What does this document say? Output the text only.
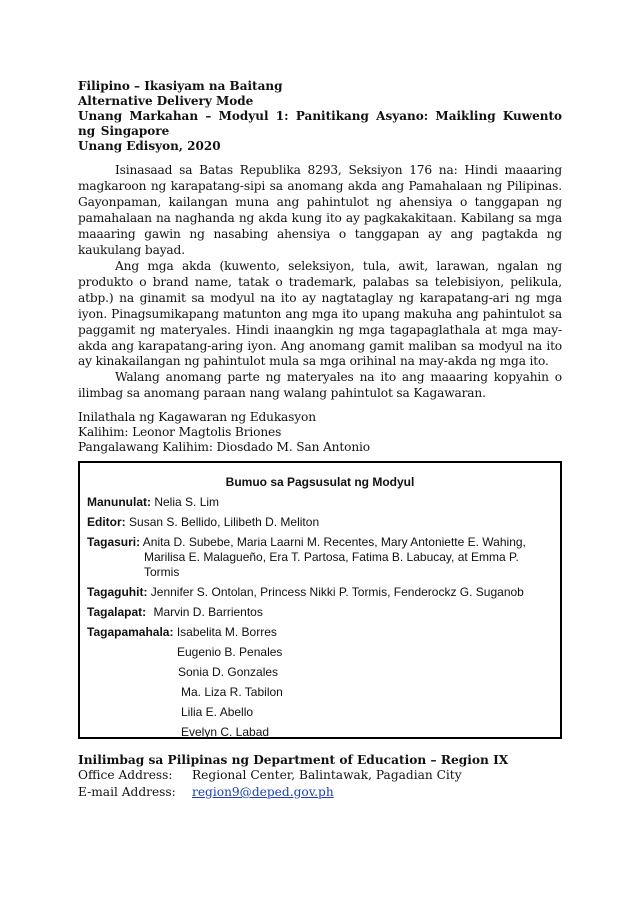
Filipino – Ikasiyam na Baitang

Alternative Delivery Mode

Unang Markahan – Modyul 1: Panitikang Asyano: Maikling Kuwento ng Singapore

Unang Edisyon, 2020

Isinasaad sa Batas Republika 8293, Seksiyon 176 na: Hindi maaaring magkaroon ng karapatang-sipi sa anomang akda ang Pamahalaan ng Pilipinas. Gayonpaman, kailangan muna ang pahintulot ng ahensiya o tanggapan ng pamahalaan na naghanda ng akda kung ito ay pagkakakitaan. Kabilang sa mga maaaring gawin ng nasabing ahensiya o tanggapan ay ang pagtakda ng kaukulang bayad.

Ang mga akda (kuwento, seleksiyon, tula, awit, larawan, ngalan ng produkto o brand name, tatak o trademark, palabas sa telebisiyon, pelikula, atbp.) na ginamit sa modyul na ito ay nagtataglay ng karapatang-ari ng mga iyon. Pinagsumikapang matunton ang mga ito upang makuha ang pahintulot sa paggamit ng materyales. Hindi inaangkin ng mga tagapaglathala at mga may-akda ang karapatang-aring iyon. Ang anomang gamit maliban sa modyul na ito ay kinakailangan ng pahintulot mula sa mga orihinal na may-akda ng mga ito.

Walang anomang parte ng materyales na ito ang maaaring kopyahin o ilimbag sa anomang paraan nang walang pahintulot sa Kagawaran.

Inilathala ng Kagawaran ng Edukasyon

Kalihim: Leonor Magtolis Briones

Pangalawang Kalihim: Diosdado M. San Antonio

Bumuo sa Pagsusulat ng Modyul
Manunulat: Nelia S. Lim
Editor: Susan S. Bellido, Lilibeth D. Meliton
Tagasuri: Anita D. Subebe, Maria Laarni M. Recentes, Mary Antoniette E. Wahing,
Marilisa E. Malagueño, Era T. Partosa, Fatima B. Labucay, at Emma P.
Tormis
Tagaguhit: Jennifer S. Ontolan, Princess Nikki P. Tormis, Fenderockz G. Suganob
Tagalapat: Marvin D. Barrientos
Tagapamahala: Isabelita M. Borres
Eugenio B. Penales
Sonia D. Gonzales
Ma. Liza R. Tabilon
Lilia E. Abello
Evelyn C. Labad

Inilimbag sa Pilipinas ng Department of Education – Region IX

Office Address: Regional Center, Balintawak, Pagadian City
E-mail Address: region9@deped.gov.ph
